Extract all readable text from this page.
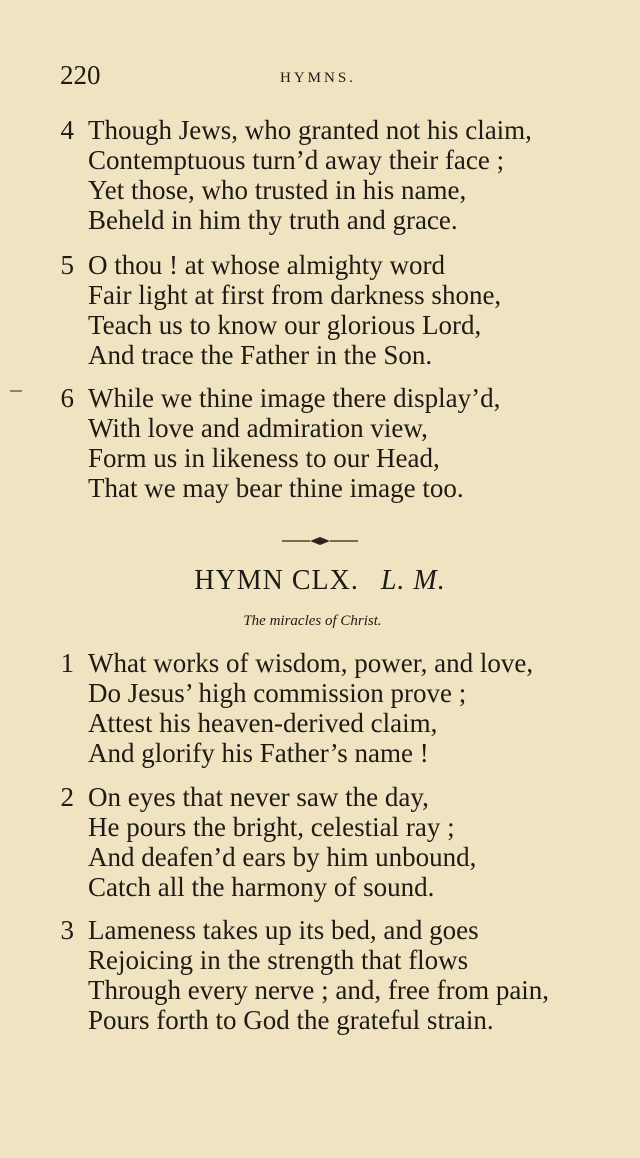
220	HYMNS.
4 Though Jews, who granted not his claim,
Contemptuous turn’d away their face ;
Yet those, who trusted in his name,
Beheld in him thy truth and grace.
5 O thou ! at whose almighty word
Fair light at first from darkness shone,
Teach us to know our glorious Lord,
And trace the Father in the Son.
6 While we thine image there display’d,
With love and admiration view,
Form us in likeness to our Head,
That we may bear thine image too.
HYMN CLX. L. M.
The miracles of Christ.
1 What works of wisdom, power, and love,
Do Jesus’ high commission prove ;
Attest his heaven-derived claim,
And glorify his Father’s name !
2 On eyes that never saw the day,
He pours the bright, celestial ray ;
And deafen’d ears by him unbound,
Catch all the harmony of sound.
3 Lameness takes up its bed, and goes
Rejoicing in the strength that flows
Through every nerve ; and, free from pain,
Pours forth to God the grateful strain.
